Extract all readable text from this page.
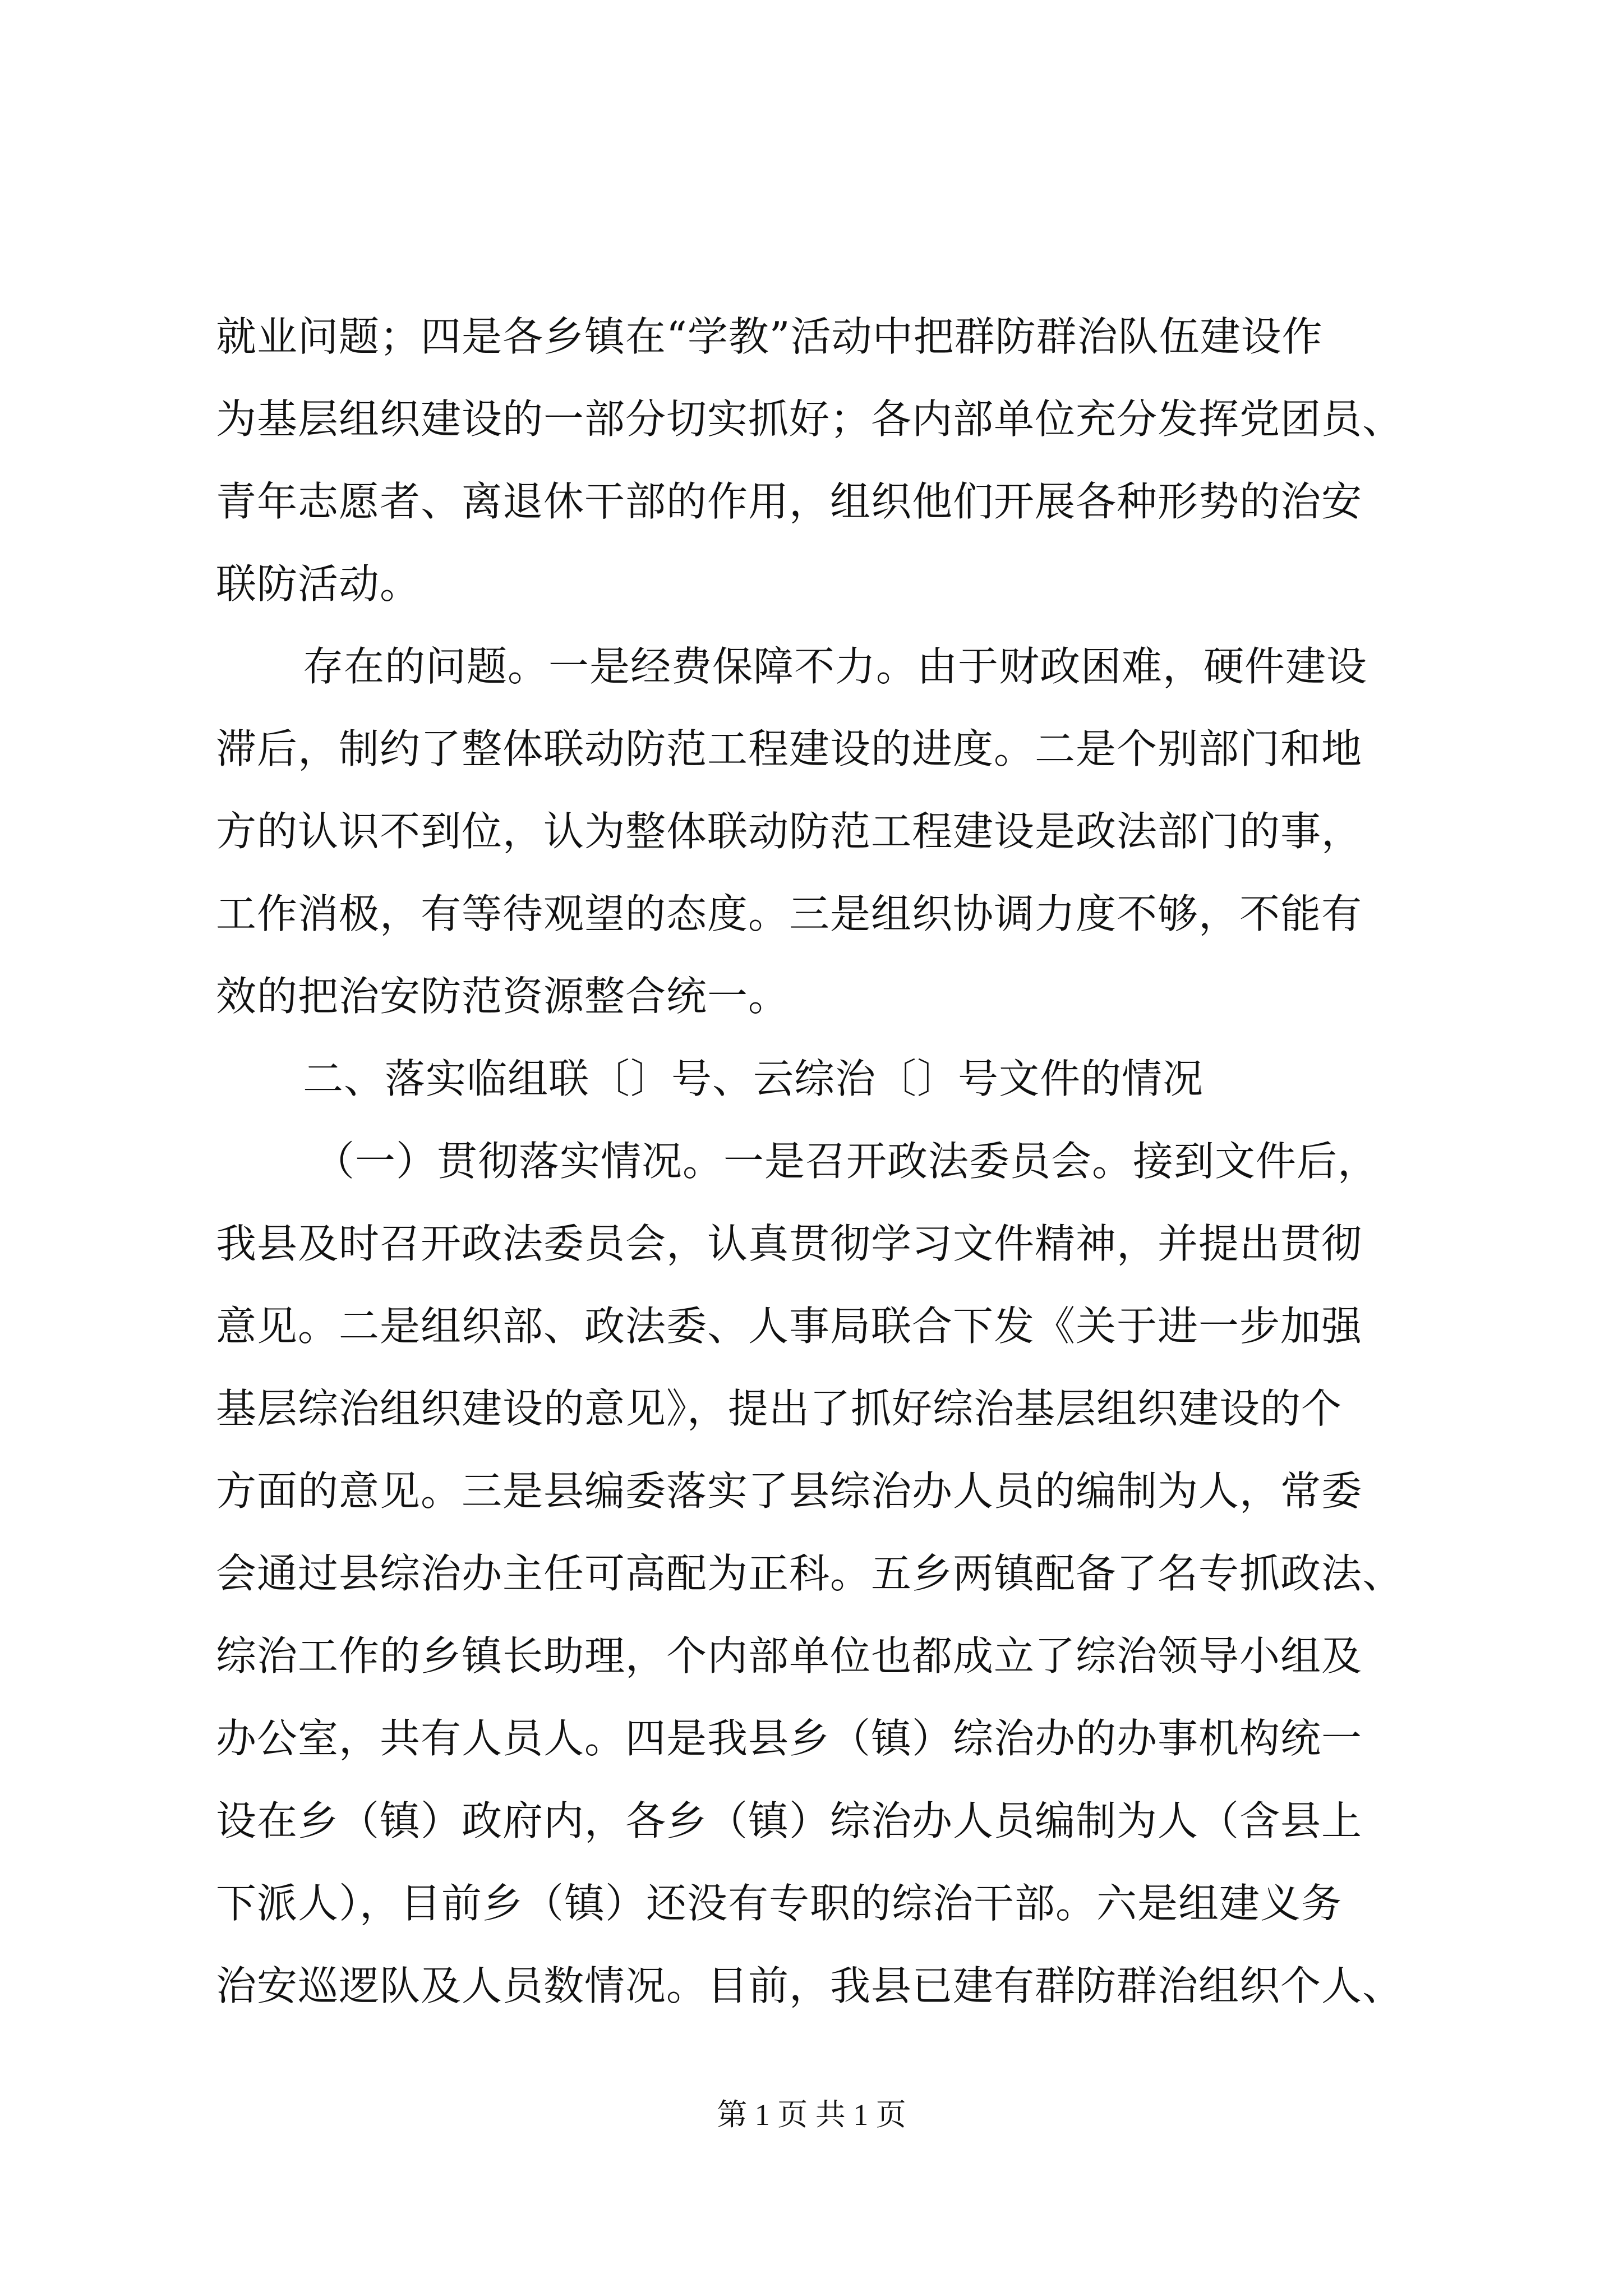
就业问题；四是各乡镇在“学教”活动中把群防群治队伍建设作
为基层组织建设的一部分切实抓好；各内部单位充分发挥党团员、
青年志愿者、离退休干部的作用，组织他们开展各种形势的治安
联防活动。
存在的问题。一是经费保障不力。由于财政困难，硬件建设
滞后，制约了整体联动防范工程建设的进度。二是个别部门和地
方的认识不到位，认为整体联动防范工程建设是政法部门的事，
工作消极，有等待观望的态度。三是组织协调力度不够，不能有
效的把治安防范资源整合统一。
二、落实临组联〔〕号、云综治〔〕号文件的情况
（一）贯彻落实情况。一是召开政法委员会。接到文件后，
我县及时召开政法委员会，认真贯彻学习文件精神，并提出贯彻
意见。二是组织部、政法委、人事局联合下发《关于进一步加强
基层综治组织建设的意见》，提出了抓好综治基层组织建设的个
方面的意见。三是县编委落实了县综治办人员的编制为人，常委
会通过县综治办主任可高配为正科。五乡两镇配备了名专抓政法、
综治工作的乡镇长助理，个内部单位也都成立了综治领导小组及
办公室，共有人员人。四是我县乡（镇）综治办的办事机构统一
设在乡（镇）政府内，各乡（镇）综治办人员编制为人（含县上
下派人），目前乡（镇）还没有专职的综治干部。六是组建义务
治安巡逻队及人员数情况。目前，我县已建有群防群治组织个人、
第 1 页 共 1 页
